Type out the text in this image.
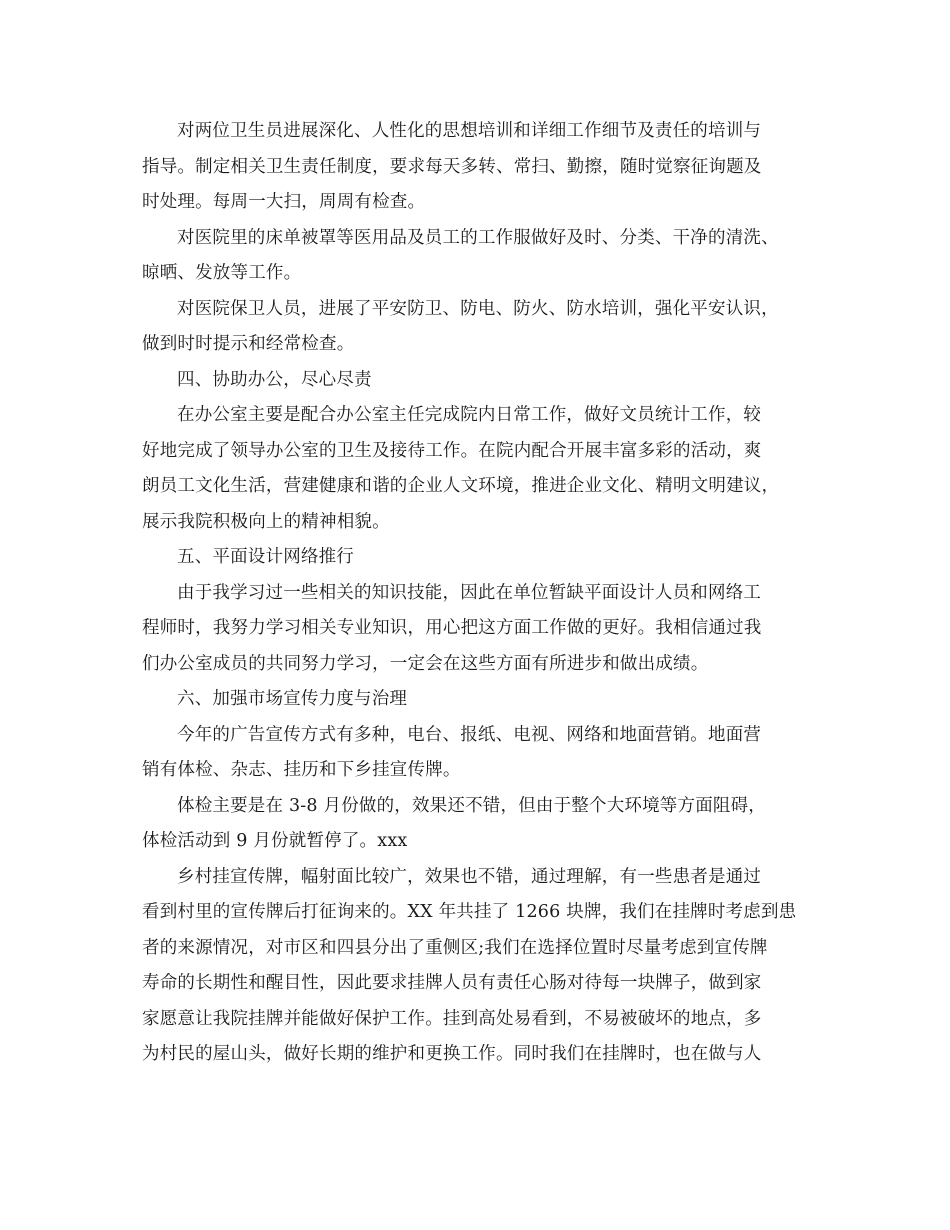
对两位卫生员进展深化、人性化的思想培训和详细工作细节及责任的培训与
指导。制定相关卫生责任制度，要求每天多转、常扫、勤擦，随时觉察征询题及
时处理。每周一大扫，周周有检查。

对医院里的床单被罩等医用品及员工的工作服做好及时、分类、干净的清洗、
晾晒、发放等工作。

对医院保卫人员，进展了平安防卫、防电、防火、防水培训，强化平安认识，
做到时时提示和经常检查。

四、协助办公，尽心尽责

在办公室主要是配合办公室主任完成院内日常工作，做好文员统计工作，较
好地完成了领导办公室的卫生及接待工作。在院内配合开展丰富多彩的活动，爽
朗员工文化生活，营建健康和谐的企业人文环境，推进企业文化、精明文明建议，
展示我院积极向上的精神相貌。

五、平面设计网络推行

由于我学习过一些相关的知识技能，因此在单位暂缺平面设计人员和网络工
程师时，我努力学习相关专业知识，用心把这方面工作做的更好。我相信通过我
们办公室成员的共同努力学习，一定会在这些方面有所进步和做出成绩。

六、加强市场宣传力度与治理

今年的广告宣传方式有多种，电台、报纸、电视、网络和地面营销。地面营
销有体检、杂志、挂历和下乡挂宣传牌。

体检主要是在 3-8 月份做的，效果还不错，但由于整个大环境等方面阻碍，
体检活动到 9 月份就暂停了。xxx

乡村挂宣传牌，幅射面比较广，效果也不错，通过理解，有一些患者是通过
看到村里的宣传牌后打征询来的。XX 年共挂了 1266 块牌，我们在挂牌时考虑到患
者的来源情况，对市区和四县分出了重侧区;我们在选择位置时尽量考虑到宣传牌
寿命的长期性和醒目性，因此要求挂牌人员有责任心肠对待每一块牌子，做到家
家愿意让我院挂牌并能做好保护工作。挂到高处易看到，不易被破坏的地点，多
为村民的屋山头，做好长期的维护和更换工作。同时我们在挂牌时，也在做与人
